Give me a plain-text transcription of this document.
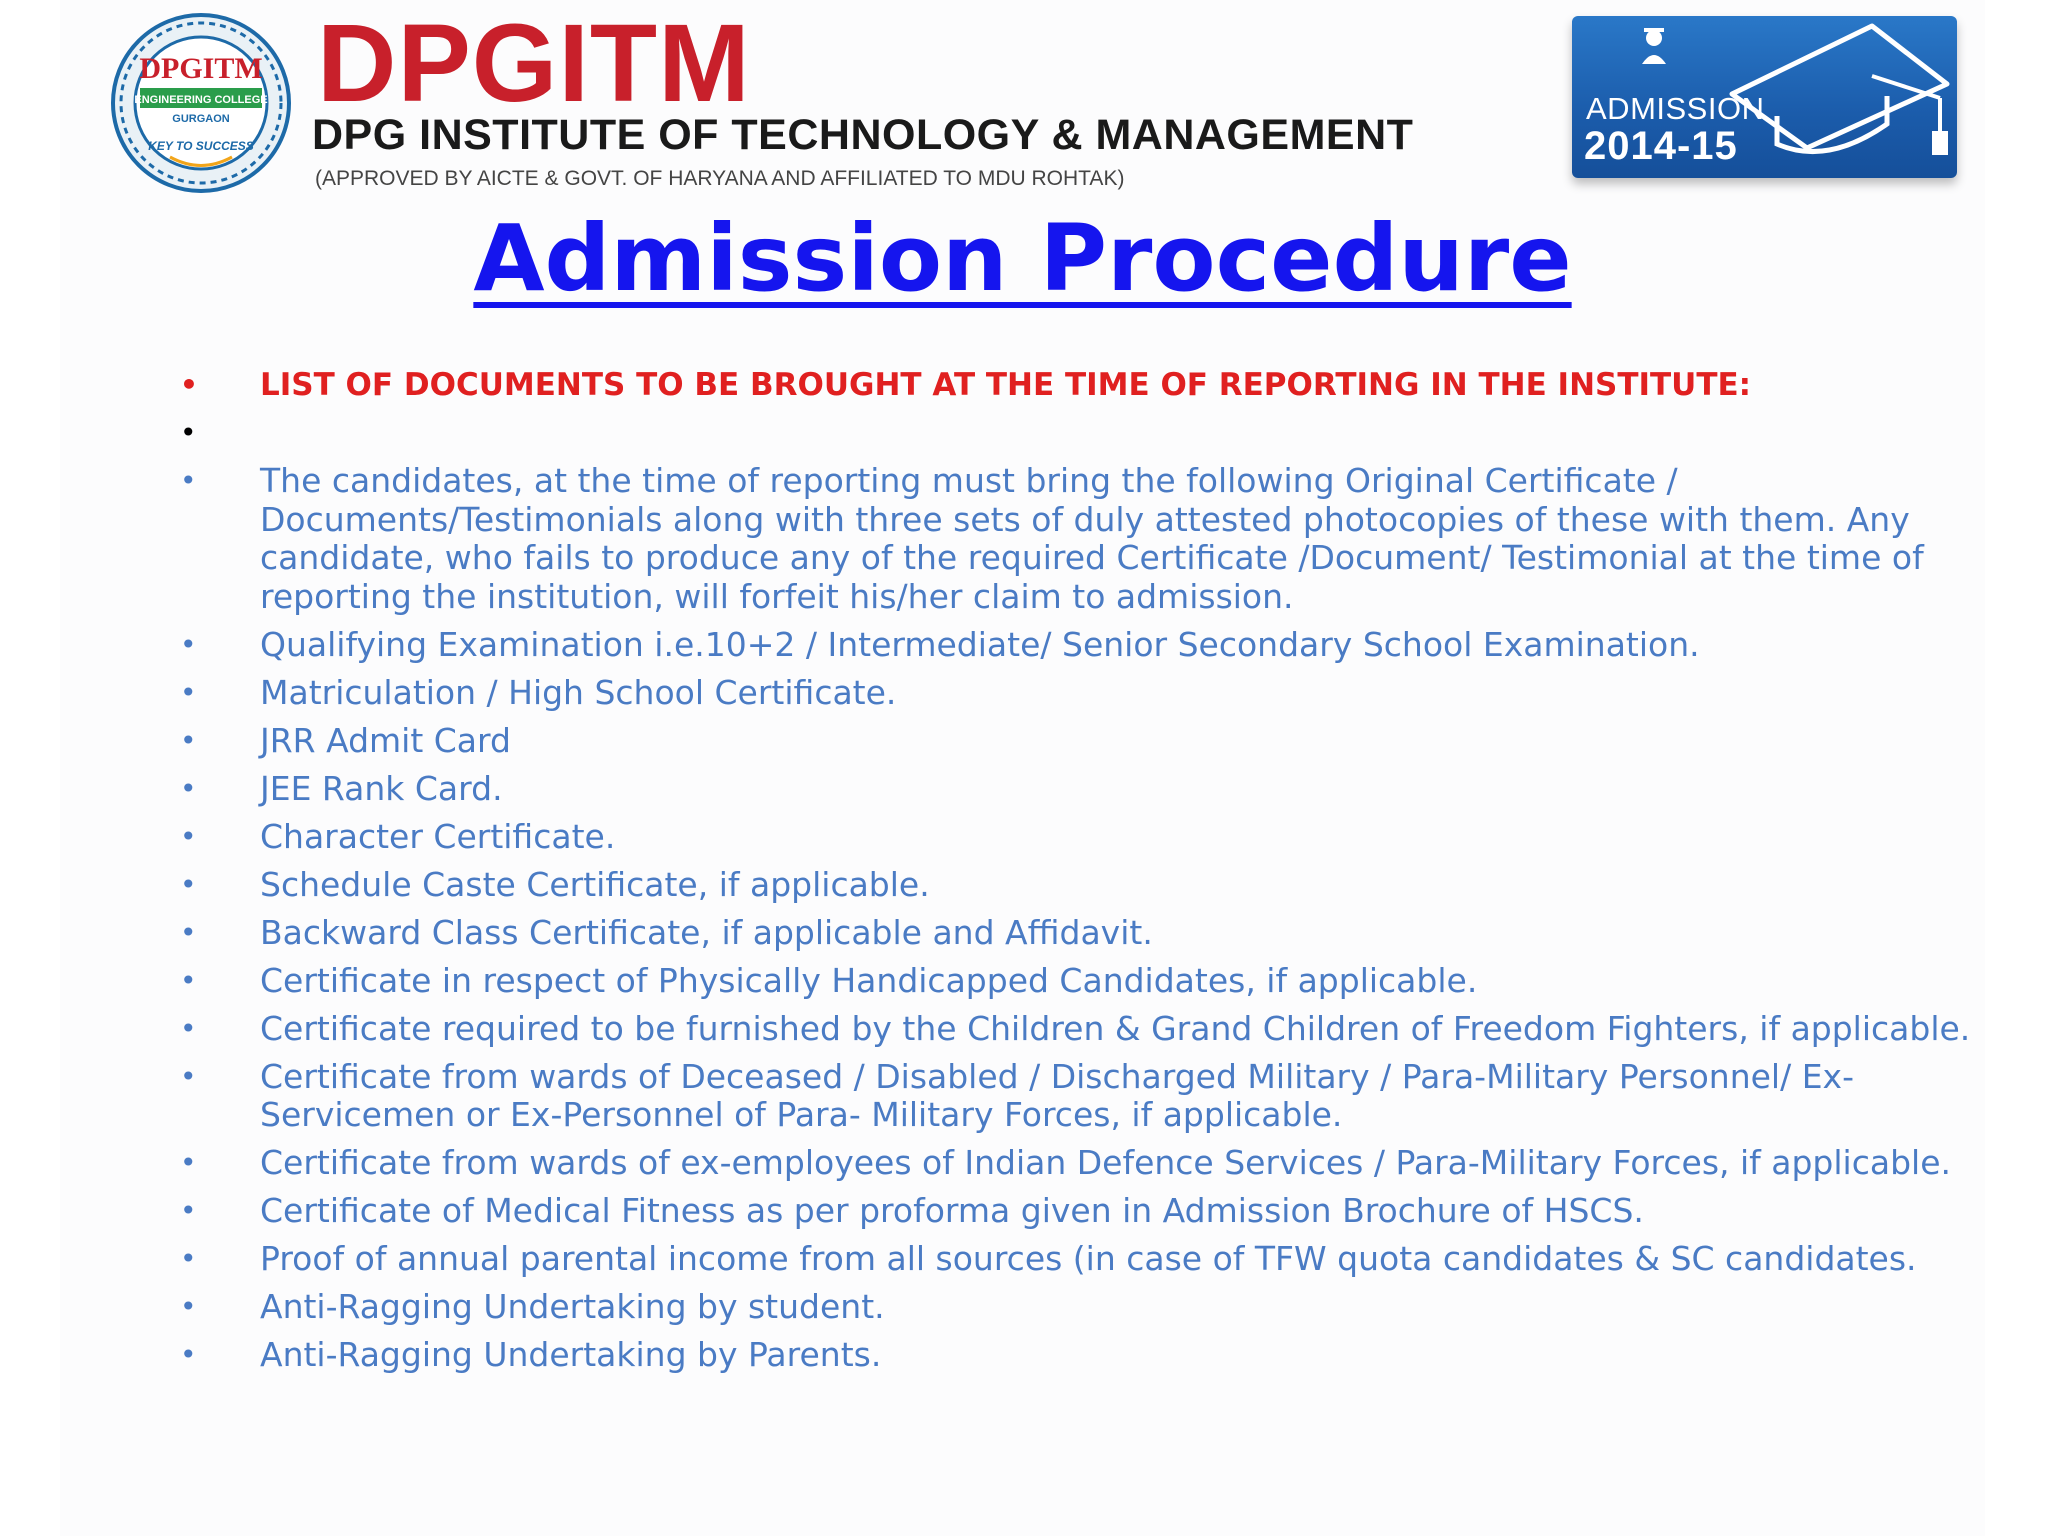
DPGITM
ENGINEERING COLLEGE
GURGAON
KEY TO SUCCESS
DPGITM

DPG INSTITUTE OF TECHNOLOGY & MANAGEMENT

(APPROVED BY AICTE & GOVT. OF HARYANA AND AFFILIATED TO MDU ROHTAK)

ADMISSION

2014-15

Admission Procedure
•	LIST OF DOCUMENTS TO BE BROUGHT AT THE TIME OF REPORTING IN THE INSTITUTE:
•
•	The candidates, at the time of reporting must bring the following Original Certificate / Documents/Testimonials along with three sets of duly attested photocopies of these with them. Any candidate, who fails to produce any of the required Certificate /Document/ Testimonial at the time of reporting the institution, will forfeit his/her claim to admission.
•	Qualifying Examination i.e.10+2 / Intermediate/ Senior Secondary School Examination.
•	Matriculation / High School Certificate.
•	JRR Admit Card
•	JEE Rank Card.
•	Character Certificate.
•	Schedule Caste Certificate, if applicable.
•	Backward Class Certificate, if applicable and Affidavit.
•	Certificate in respect of Physically Handicapped Candidates, if applicable.
•	Certificate required to be furnished by the Children & Grand Children of Freedom Fighters, if applicable.
•	Certificate from wards of Deceased / Disabled / Discharged Military / Para-Military Personnel/ Ex-Servicemen or Ex-Personnel of Para- Military Forces, if applicable.
•	Certificate from wards of ex-employees of Indian Defence Services / Para-Military Forces, if applicable.
•	Certificate of Medical Fitness as per proforma given in Admission Brochure of HSCS.
•	Proof of annual parental income from all sources (in case of TFW quota candidates & SC candidates.
•	Anti-Ragging Undertaking by student.
•	Anti-Ragging Undertaking by Parents.
